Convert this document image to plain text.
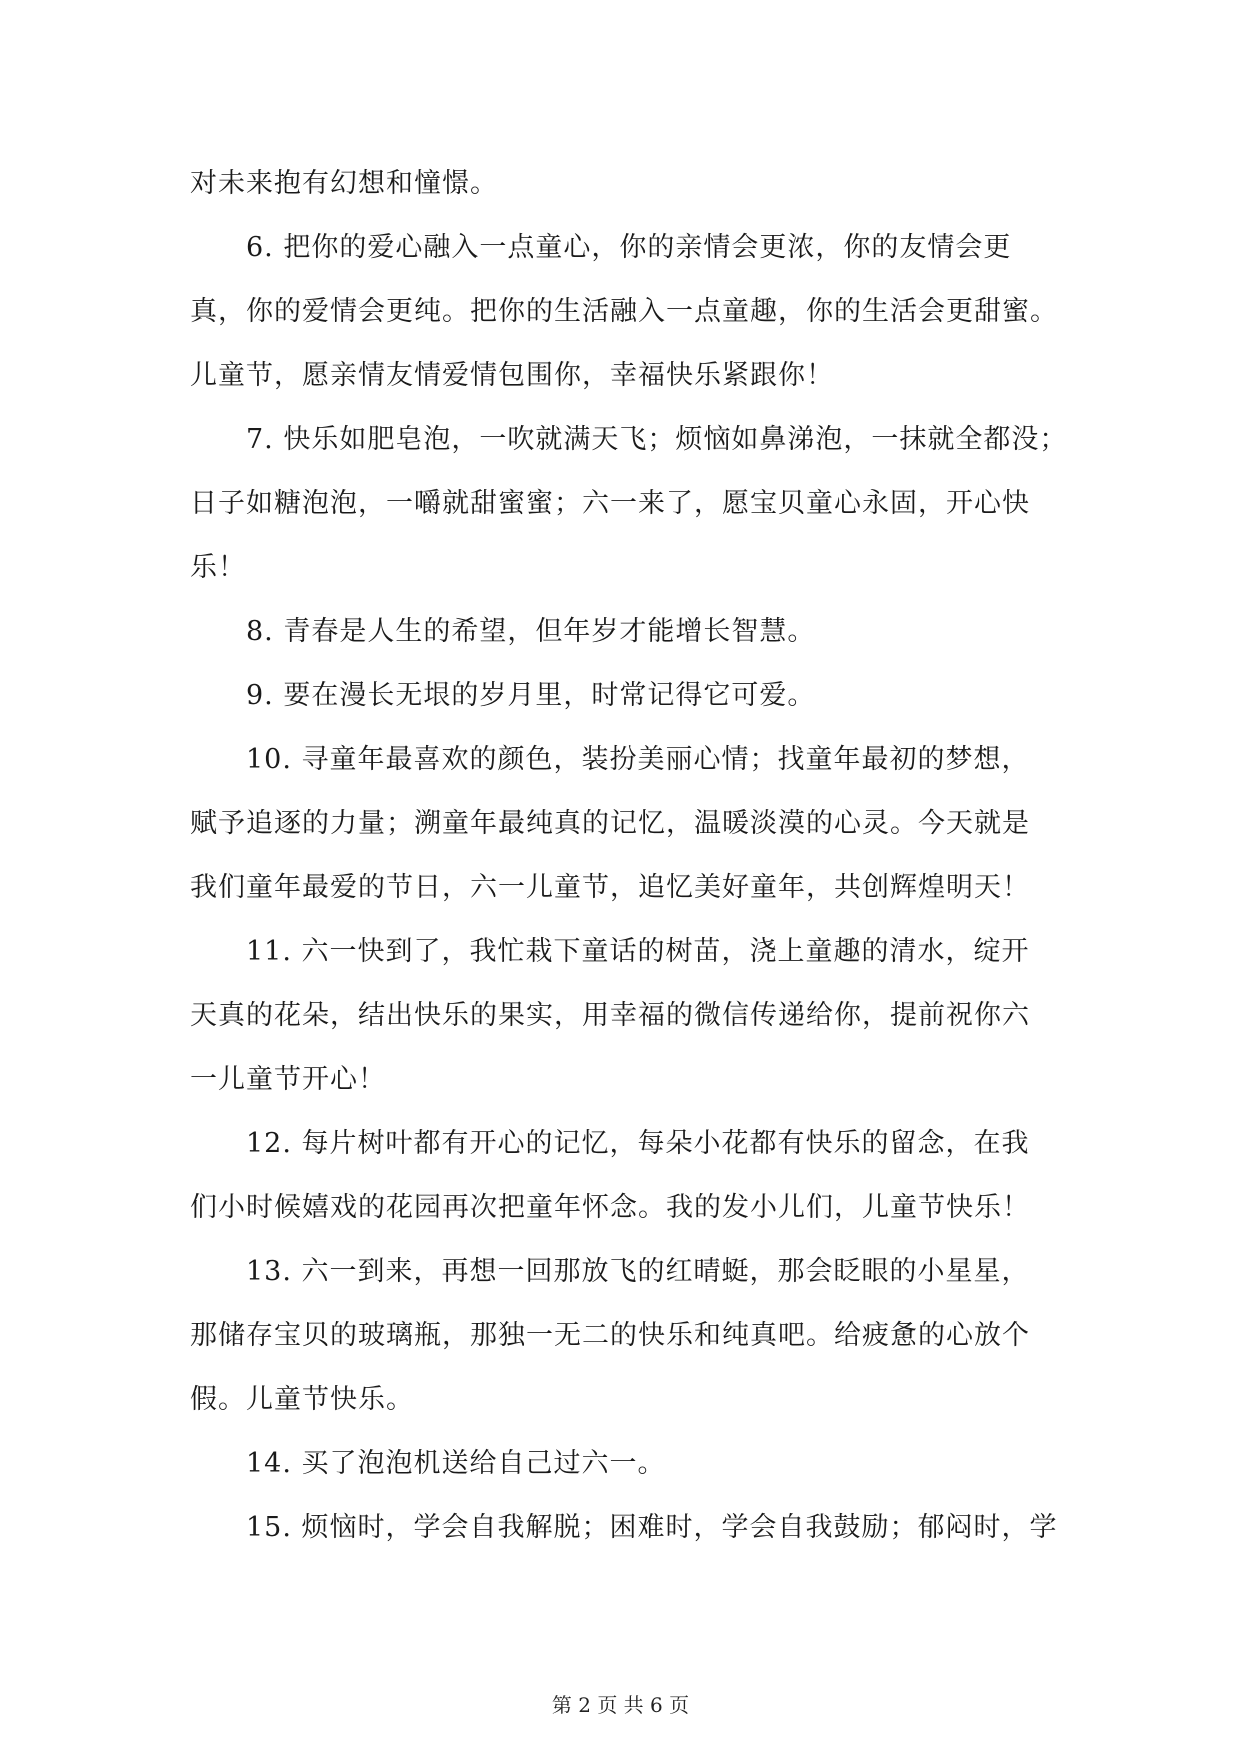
对未来抱有幻想和憧憬。
6. 把你的爱心融入一点童心，你的亲情会更浓，你的友情会更
真，你的爱情会更纯。把你的生活融入一点童趣，你的生活会更甜蜜。
儿童节，愿亲情友情爱情包围你，幸福快乐紧跟你！
7. 快乐如肥皂泡，一吹就满天飞；烦恼如鼻涕泡，一抹就全都没；
日子如糖泡泡，一嚼就甜蜜蜜；六一来了，愿宝贝童心永固，开心快
乐！
8. 青春是人生的希望，但年岁才能增长智慧。
9. 要在漫长无垠的岁月里，时常记得它可爱。
10. 寻童年最喜欢的颜色，装扮美丽心情；找童年最初的梦想，
赋予追逐的力量；溯童年最纯真的记忆，温暖淡漠的心灵。今天就是
我们童年最爱的节日，六一儿童节，追忆美好童年，共创辉煌明天！
11. 六一快到了，我忙栽下童话的树苗，浇上童趣的清水，绽开
天真的花朵，结出快乐的果实，用幸福的微信传递给你，提前祝你六
一儿童节开心！
12. 每片树叶都有开心的记忆，每朵小花都有快乐的留念，在我
们小时候嬉戏的花园再次把童年怀念。我的发小儿们，儿童节快乐！
13. 六一到来，再想一回那放飞的红晴蜓，那会眨眼的小星星，
那储存宝贝的玻璃瓶，那独一无二的快乐和纯真吧。给疲惫的心放个
假。儿童节快乐。
14. 买了泡泡机送给自己过六一。
15. 烦恼时，学会自我解脱；困难时，学会自我鼓励；郁闷时，学
第 2 页 共 6 页
